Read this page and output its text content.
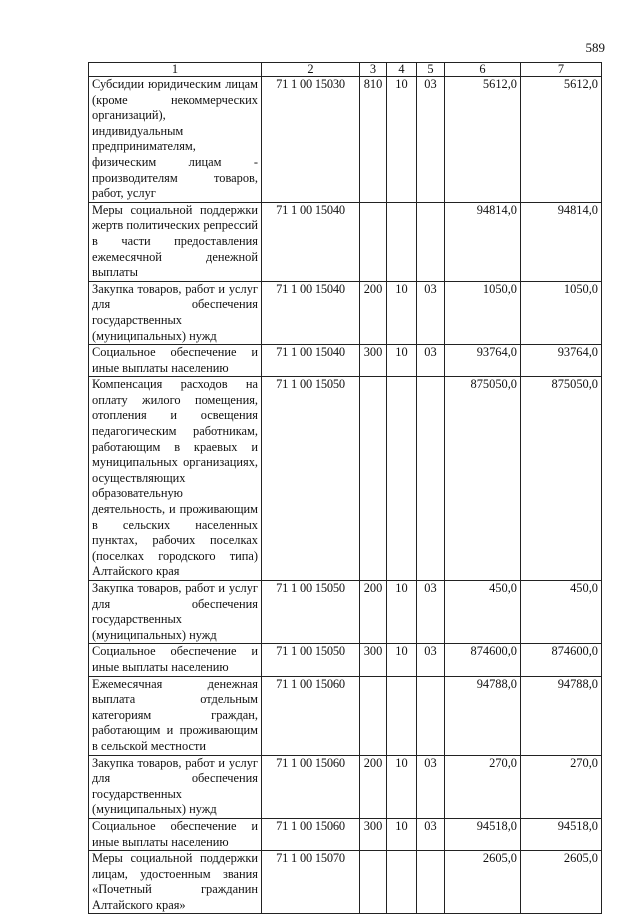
589
1	2	3	4	5	6	7
Субсидии юридическим лицам (кроме некоммерческих организаций), индивидуальным предпринимателям, физическим лицам - производителям товаров, работ, услуг	71 1 00 15030	810	10	03	5612,0	5612,0
Меры социальной поддержки жертв политических репрессий в части предоставления ежемесячной денежной выплаты	71 1 00 15040				94814,0	94814,0
Закупка товаров, работ и услуг для обеспечения государственных (муниципальных) нужд	71 1 00 15040	200	10	03	1050,0	1050,0
Социальное обеспечение и иные выплаты населению	71 1 00 15040	300	10	03	93764,0	93764,0
Компенсация расходов на оплату жилого помещения, отопления и освещения педагогическим работникам, работающим в краевых и муниципальных организациях, осуществляющих образовательную деятельность, и проживающим в сельских населенных пунктах, рабочих поселках (поселках городского типа) Алтайского края	71 1 00 15050				875050,0	875050,0
Закупка товаров, работ и услуг для обеспечения государственных (муниципальных) нужд	71 1 00 15050	200	10	03	450,0	450,0
Социальное обеспечение и иные выплаты населению	71 1 00 15050	300	10	03	874600,0	874600,0
Ежемесячная денежная выплата отдельным категориям граждан, работающим и проживающим в сельской местности	71 1 00 15060				94788,0	94788,0
Закупка товаров, работ и услуг для обеспечения государственных (муниципальных) нужд	71 1 00 15060	200	10	03	270,0	270,0
Социальное обеспечение и иные выплаты населению	71 1 00 15060	300	10	03	94518,0	94518,0
Меры социальной поддержки лицам, удостоенным звания «Почетный гражданин Алтайского края»	71 1 00 15070				2605,0	2605,0
